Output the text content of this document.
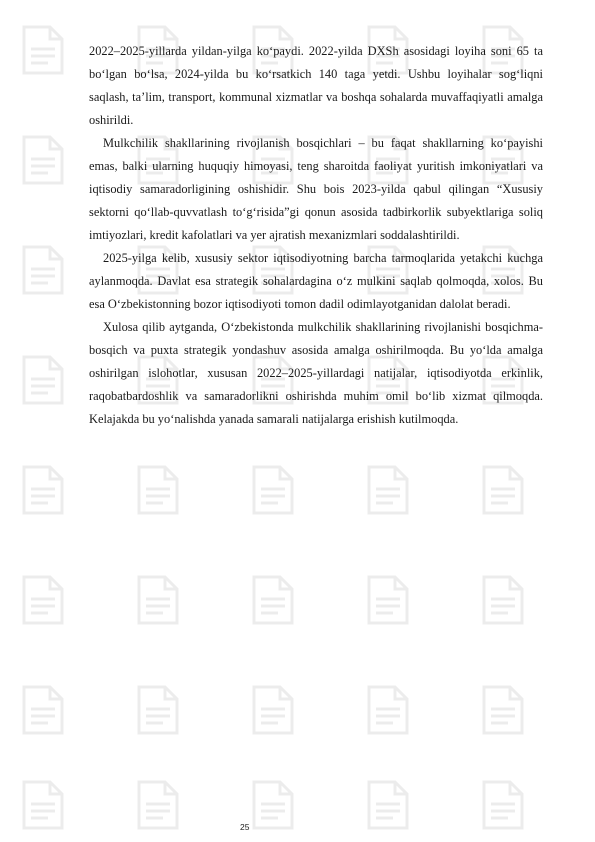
2022–2025-yillarda yildan-yilga ko‘paydi. 2022-yilda DXSh asosidagi loyiha soni 65 ta bo‘lgan bo‘lsa, 2024-yilda bu ko‘rsatkich 140 taga yetdi. Ushbu loyihalar sog‘liqni saqlash, ta’lim, transport, kommunal xizmatlar va boshqa sohalarda muvaffaqiyatli amalga oshirildi.

Mulkchilik shakllarining rivojlanish bosqichlari – bu faqat shakllarning ko‘payishi emas, balki ularning huquqiy himoyasi, teng sharoitda faoliyat yuritish imkoniyatlari va iqtisodiy samaradorligining oshishidir. Shu bois 2023-yilda qabul qilingan “Xususiy sektorni qo‘llab-quvvatlash to‘g‘risida”gi qonun asosida tadbirkorlik subyektlariga soliq imtiyozlari, kredit kafolatlari va yer ajratish mexanizmlari soddalashtirildi.

2025-yilga kelib, xususiy sektor iqtisodiyotning barcha tarmoqlarida yetakchi kuchga aylanmoqda. Davlat esa strategik sohalardagina o‘z mulkini saqlab qolmoqda, xolos. Bu esa O‘zbekistonning bozor iqtisodiyoti tomon dadil odimlayotganidan dalolat beradi.

Xulosa qilib aytganda, O‘zbekistonda mulkchilik shakllarining rivojlanishi bosqichma-bosqich va puxta strategik yondashuv asosida amalga oshirilmoqda. Bu yo‘lda amalga oshirilgan islohotlar, xususan 2022–2025-yillardagi natijalar, iqtisodiyotda erkinlik, raqobatbardoshlik va samaradorlikni oshirishda muhim omil bo‘lib xizmat qilmoqda. Kelajakda bu yo‘nalishda yanada samarali natijalarga erishish kutilmoqda.

25
